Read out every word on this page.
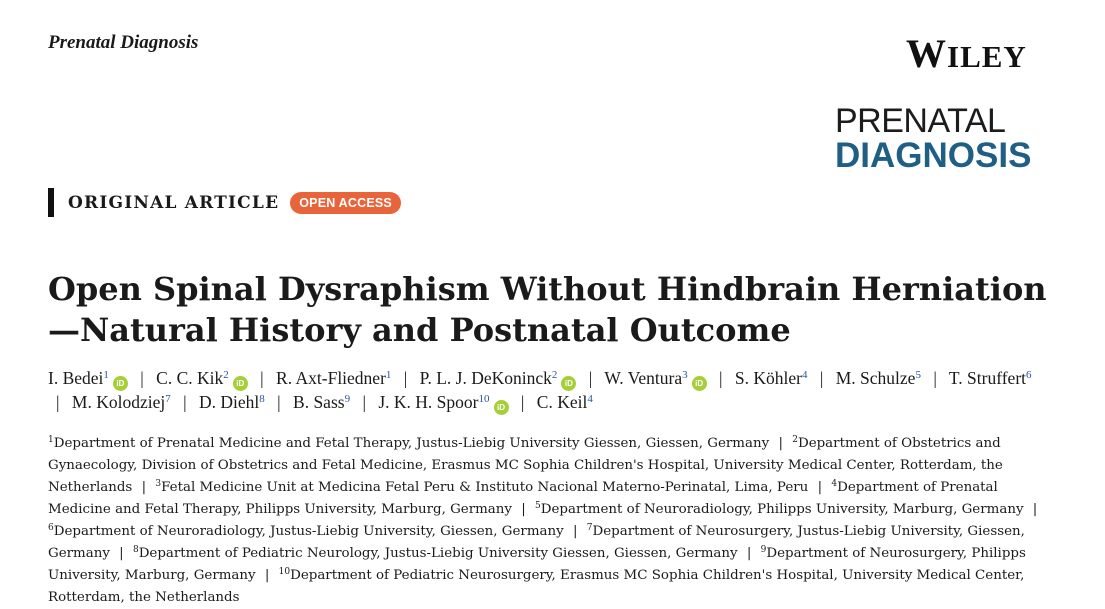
Prenatal Diagnosis	WILEY
PRENATAL
DIAGNOSIS
ORIGINAL ARTICLE	OPEN ACCESS
Open Spinal Dysraphism Without Hindbrain Herniation—Natural History and Postnatal Outcome
I. Bedei$^1$iD | C. C. Kik$^2$iD | R. Axt-Fliedner$^1$ | P. L. J. DeKoninck$^2$iD | W. Ventura$^3$iD | S. Köhler$^4$ | M. Schulze$^5$ | T. Struffert$^6$ | M. Kolodziej$^7$ | D. Diehl$^8$ | B. Sass$^9$ | J. K. H. Spoor$^{10}$iD | C. Keil$^4$
$^1$Department of Prenatal Medicine and Fetal Therapy, Justus-Liebig University Giessen, Giessen, Germany | $^2$Department of Obstetrics and Gynaecology, Division of Obstetrics and Fetal Medicine, Erasmus MC Sophia Children's Hospital, University Medical Center, Rotterdam, the Netherlands | $^3$Fetal Medicine Unit at Medicina Fetal Peru & Instituto Nacional Materno-Perinatal, Lima, Peru | $^4$Department of Prenatal Medicine and Fetal Therapy, Philipps University, Marburg, Germany | $^5$Department of Neuroradiology, Philipps University, Marburg, Germany | $^6$Department of Neuroradiology, Justus-Liebig University, Giessen, Germany | $^7$Department of Neurosurgery, Justus-Liebig University, Giessen, Germany | $^8$Department of Pediatric Neurology, Justus-Liebig University Giessen, Giessen, Germany | $^9$Department of Neurosurgery, Philipps University, Marburg, Germany | $^{10}$Department of Pediatric Neurosurgery, Erasmus MC Sophia Children's Hospital, University Medical Center, Rotterdam, the Netherlands
